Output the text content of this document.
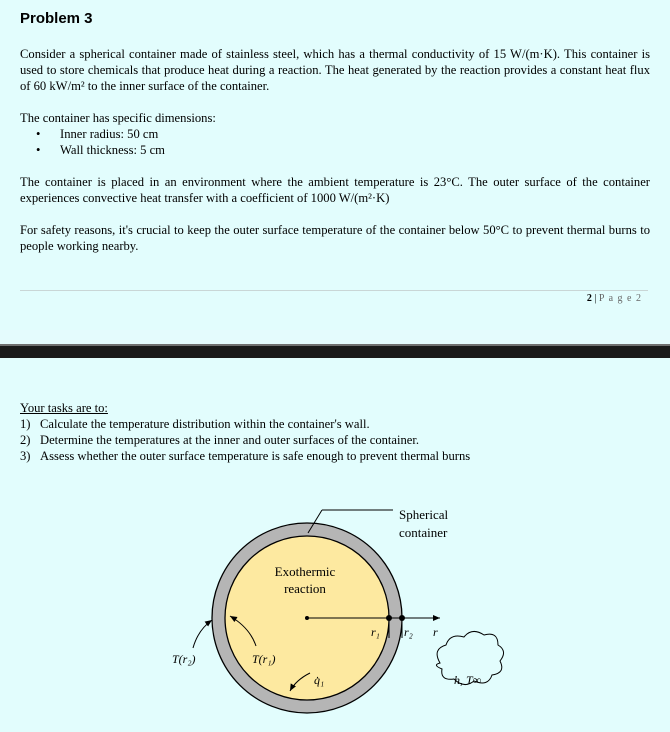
Problem 3
Consider a spherical container made of stainless steel, which has a thermal conductivity of 15 W/(m·K). This container is used to store chemicals that produce heat during a reaction. The heat generated by the reaction provides a constant heat flux of 60 kW/m² to the inner surface of the container.
The container has specific dimensions:
• Inner radius: 50 cm
• Wall thickness: 5 cm
The container is placed in an environment where the ambient temperature is 23°C. The outer surface of the container experiences convective heat transfer with a coefficient of 1000 W/(m²·K)
For safety reasons, it's crucial to keep the outer surface temperature of the container below 50°C to prevent thermal burns to people working nearby.
2 | P a g e 2
Your tasks are to:
1) Calculate the temperature distribution within the container's wall.
2) Determine the temperatures at the inner and outer surfaces of the container.
3) Assess whether the outer surface temperature is safe enough to prevent thermal burns
Spherical
container
Exothermic
reaction
r₁ r₂ r
T(r₂)	T(r₁)
q̇₁	h, T∞
